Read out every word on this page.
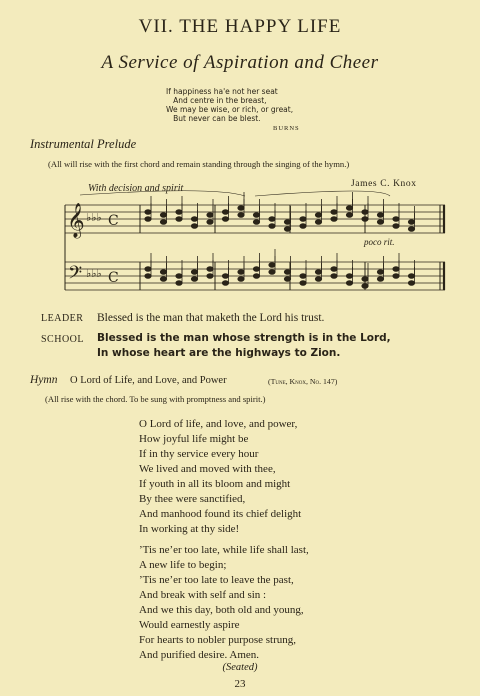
VII. THE HAPPY LIFE
A Service of Aspiration and Cheer
If happiness ha'e not her seat
And centre in the breast,
We may be wise, or rich, or great,
But never can be blest.
BURNS
Instrumental Prelude
(All will rise with the first chord and remain standing through the singing of the hymn.)
James C. Knox
With decision and spirit
𝄞
𝄢
♭♭♭
♭♭♭
C
C
poco rit.
LEADER Blessed is the man that maketh the Lord his trust.
SCHOOL Blessed is the man whose strength is in the Lord,
In whose heart are the highways to Zion.
Hymn O Lord of Life, and Love, and Power	(Tune, Knox, No. 147)
(All rise with the chord. To be sung with promptness and spirit.)
O Lord of life, and love, and power,
How joyful life might be
If in thy service every hour
We lived and moved with thee,
If youth in all its bloom and might
By thee were sanctified,
And manhood found its chief delight
In working at thy side!
’Tis ne’er too late, while life shall last,
A new life to begin;
’Tis ne’er too late to leave the past,
And break with self and sin :
And we this day, both old and young,
Would earnestly aspire
For hearts to nobler purpose strung,
And purified desire. Amen.
(Seated)
23
